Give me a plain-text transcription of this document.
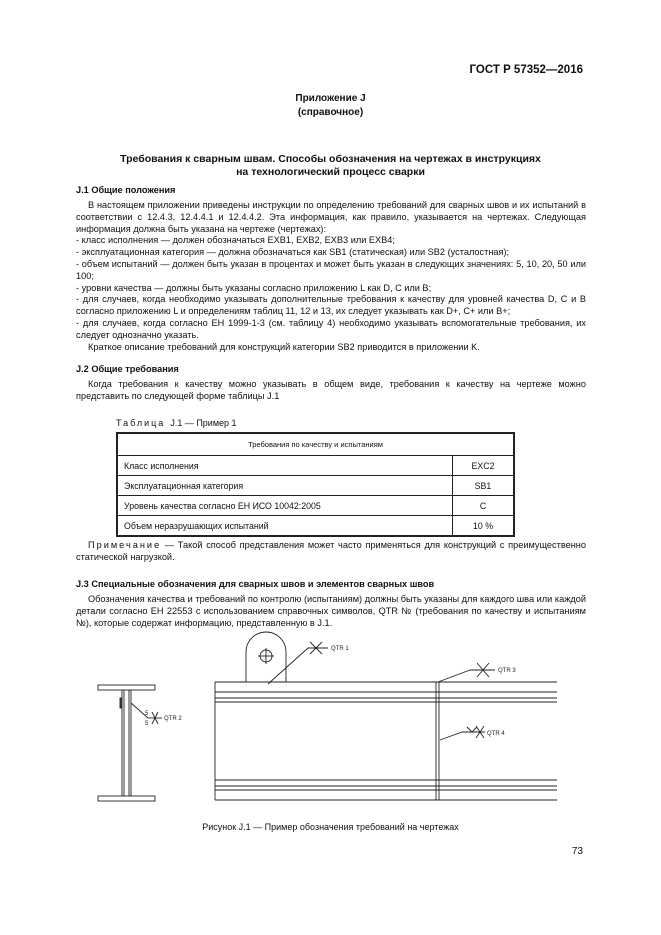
ГОСТ Р 57352—2016
Приложение J
(справочное)
Требования к сварным швам. Способы обозначения на чертежах в инструкциях
на технологический процесс сварки
J.1 Общие положения

В настоящем приложении приведены инструкции по определению требований для сварных швов и их испытаний в соответствии с 12.4.3, 12.4.4.1 и 12.4.4.2. Эта информация, как правило, указывается на чертежах. Следующая информация должна быть указана на чертеже (чертежах):

- класс исполнения — должен обозначаться EXB1, EXB2, EXB3 или EXB4;

- эксплуатационная категория — должна обозначаться как SB1 (статическая) или SB2 (усталостная);

- объем испытаний — должен быть указан в процентах и может быть указан в следующих значениях: 5, 10, 20, 50 или 100;

- уровни качества — должны быть указаны согласно приложению L как D, C или B;

- для случаев, когда необходимо указывать дополнительные требования к качеству для уровней качества D, C и B согласно приложению L и определениям таблиц 11, 12 и 13, их следует указывать как D+, C+ или B+;

- для случаев, когда согласно ЕН 1999-1-3 (см. таблицу 4) необходимо указывать вспомогательные требования, их следует однозначно указать.

Краткое описание требований для конструкций категории SB2 приводится в приложении K.

J.2 Общие требования

Когда требования к качеству можно указывать в общем виде, требования к качеству на чертеже можно представить по следующей форме таблицы J.1

Таблица J.1 — Пример 1
Требования по качеству и испытаниям	
Класс исполнения	EXC2
Эксплуатационная категория	SB1
Уровень качества согласно ЕН ИСО 10042:2005	C
Объем неразрушающих испытаний	10 %
Примечание — Такой способ представления может часто применяться для конструкций с преимущественно статической нагрузкой.
J.3 Специальные обозначения для сварных швов и элементов сварных швов

Обозначения качества и требований по контролю (испытаниям) должны быть указаны для каждого шва или каждой детали согласно ЕН 22553 с использованием справочных символов, QTR № (требования по качеству и испытаниям №), которые содержат информацию, представленную в J.1.

QTR 1
QTR 3
QTR 4
QTR 2
5
5
Рисунок J.1 — Пример обозначения требований на чертежах
73
